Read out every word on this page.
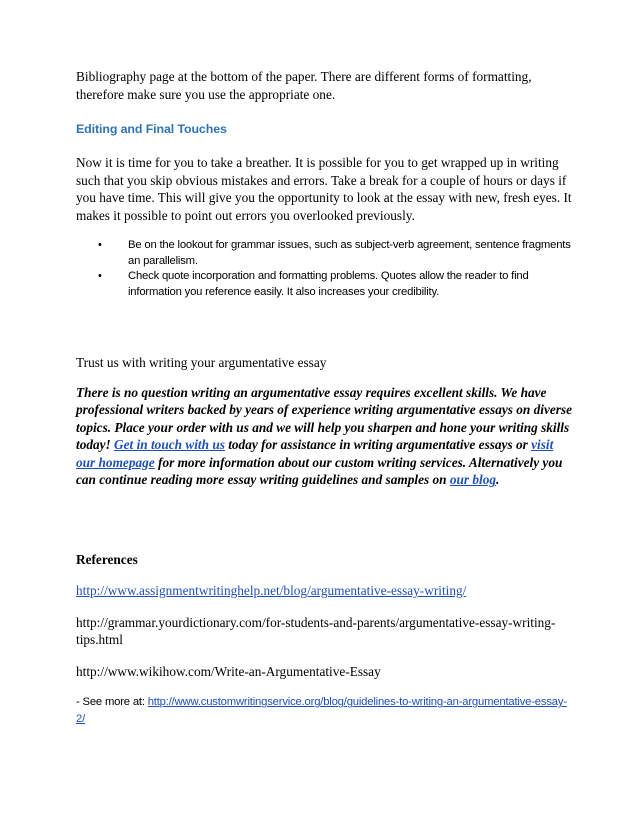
Bibliography page at the bottom of the paper. There are different forms of formatting, therefore make sure you use the appropriate one.

Editing and Final Touches

Now it is time for you to take a breather. It is possible for you to get wrapped up in writing such that you skip obvious mistakes and errors. Take a break for a couple of hours or days if you have time. This will give you the opportunity to look at the essay with new, fresh eyes. It makes it possible to point out errors you overlooked previously.

• Be on the lookout for grammar issues, such as subject-verb agreement, sentence fragments an parallelism.
• Check quote incorporation and formatting problems. Quotes allow the reader to find information you reference easily. It also increases your credibility.

Trust us with writing your argumentative essay

There is no question writing an argumentative essay requires excellent skills. We have professional writers backed by years of experience writing argumentative essays on diverse topics. Place your order with us and we will help you sharpen and hone your writing skills today! Get in touch with us today for assistance in writing argumentative essays or visit our homepage for more information about our custom writing services. Alternatively you can continue reading more essay writing guidelines and samples on our blog.

References

http://www.assignmentwritinghelp.net/blog/argumentative-essay-writing/

http://grammar.yourdictionary.com/for-students-and-parents/argumentative-essay-writing-tips.html

http://www.wikihow.com/Write-an-Argumentative-Essay

- See more at: http://www.customwritingservice.org/blog/guidelines-to-writing-an-argumentative-essay-2/
